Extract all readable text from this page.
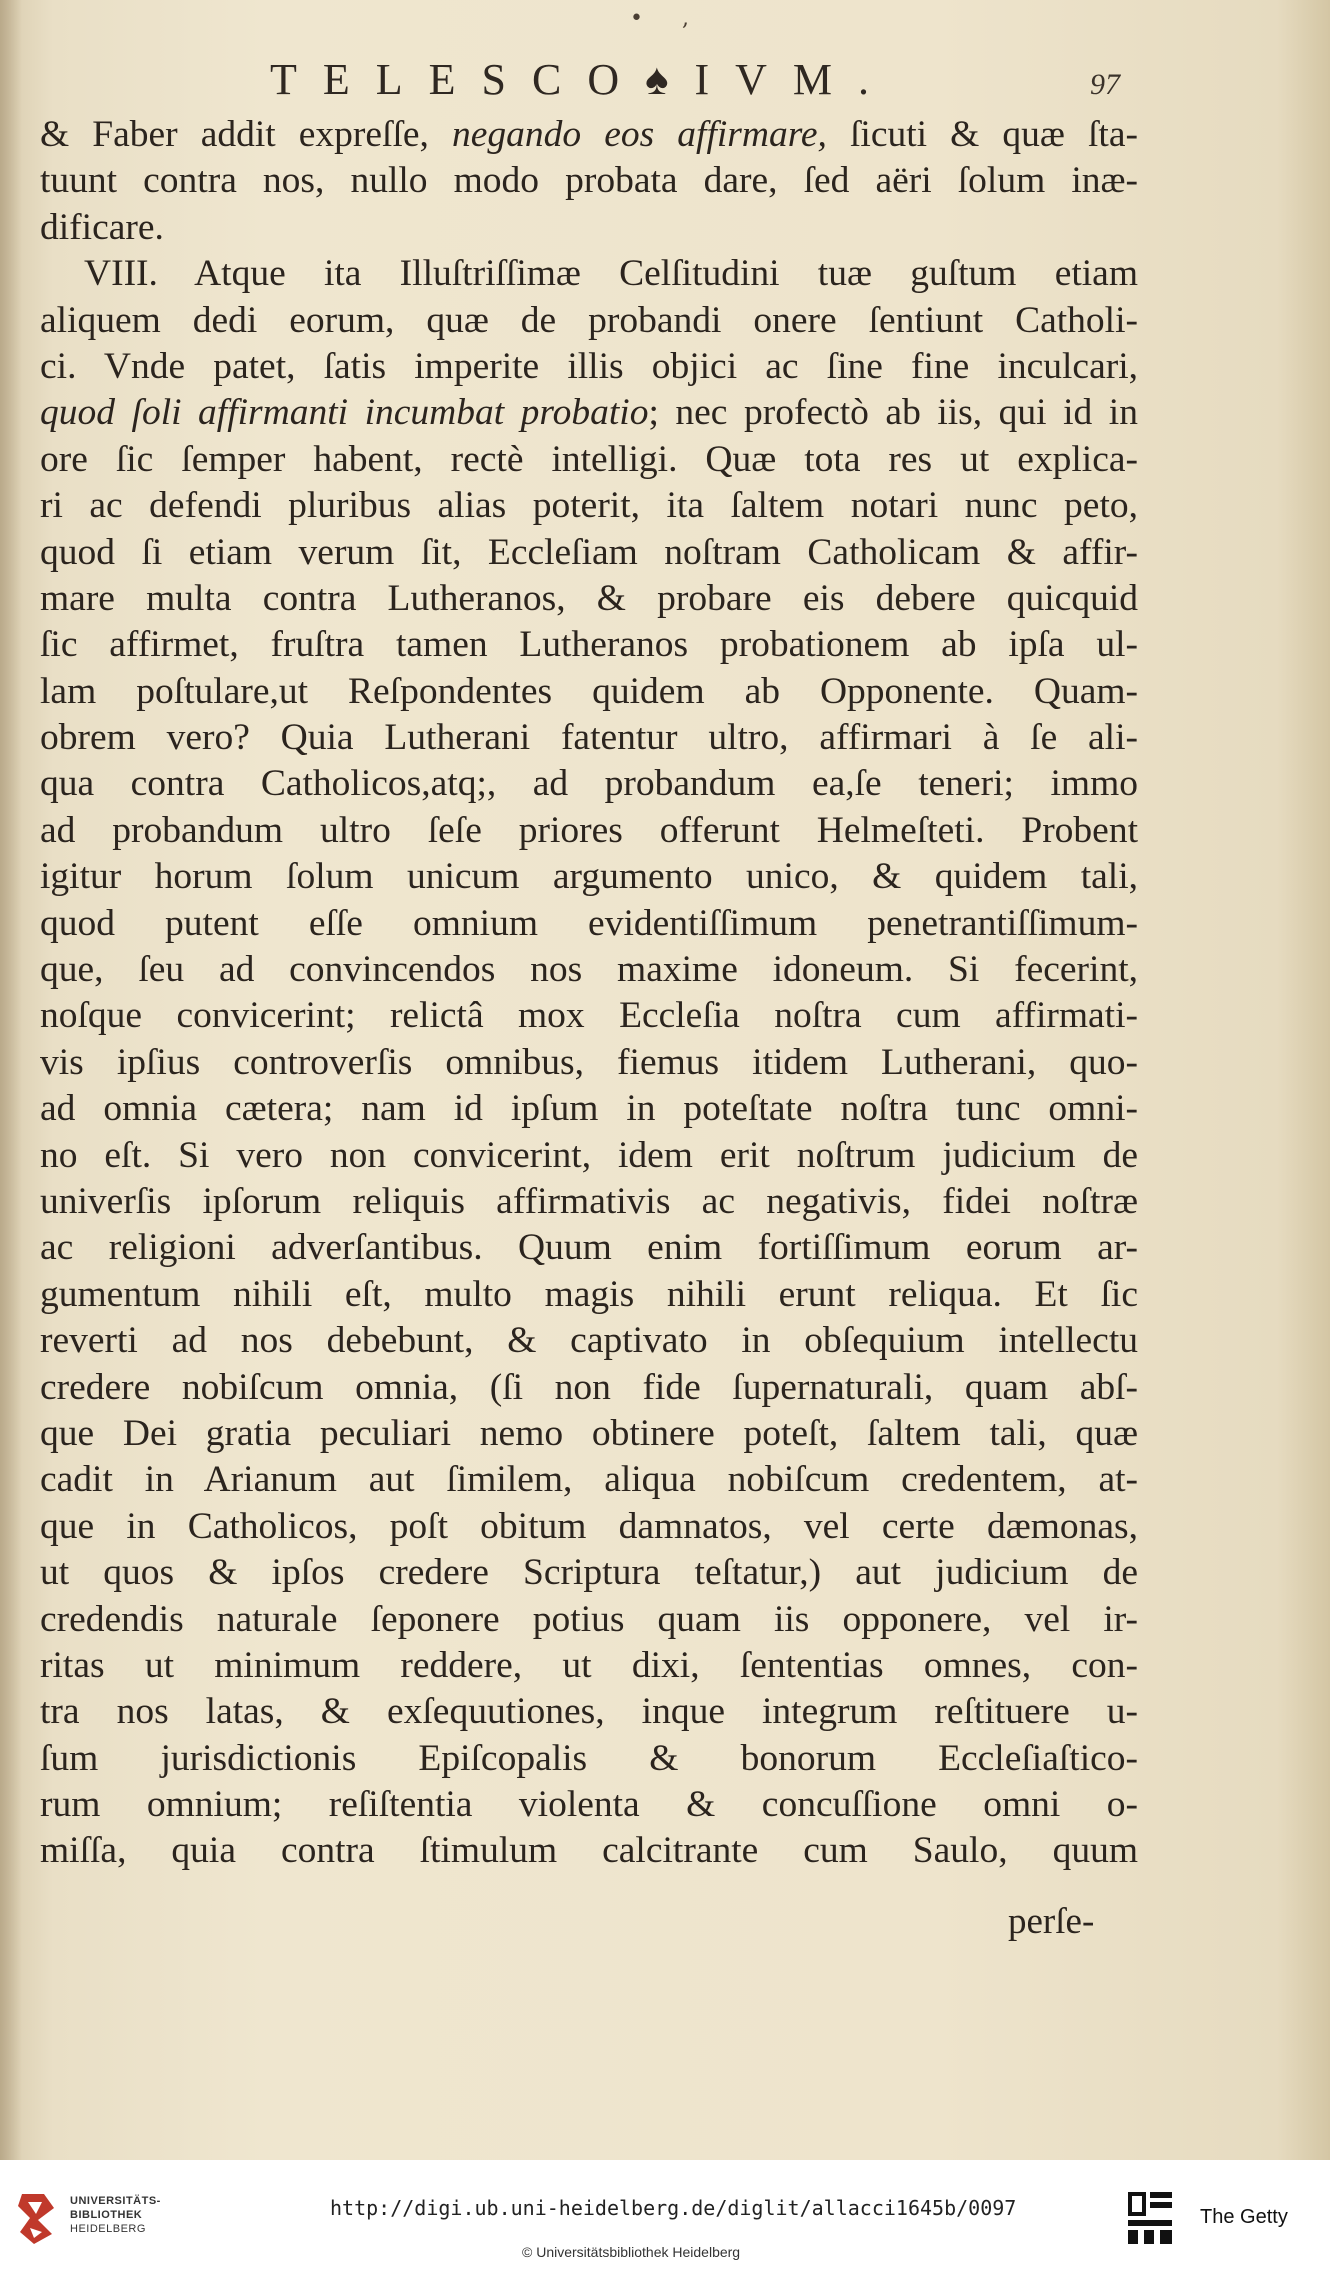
• ,
TELESCO♠IVM.	97
& Faber addit expreſſe, negando eos affirmare, ſicuti & quæ ſta-
tuunt contra nos, nullo modo probata dare, ſed aëri ſolum inæ-
dificare.
VIII. Atque ita Illuſtriſſimæ Celſitudini tuæ guſtum etiam
aliquem dedi eorum, quæ de probandi onere ſentiunt Catholi-
ci. Vnde patet, ſatis imperite illis objici ac ſine fine inculcari,
quod ſoli affirmanti incumbat probatio; nec profectò ab iis, qui id in
ore ſic ſemper habent, rectè intelligi. Quæ tota res ut explica-
ri ac defendi pluribus alias poterit, ita ſaltem notari nunc peto,
quod ſi etiam verum ſit, Eccleſiam noſtram Catholicam & affir-
mare multa contra Lutheranos, & probare eis debere quicquid
ſic affirmet, fruſtra tamen Lutheranos probationem ab ipſa ul-
lam poſtulare,ut Reſpondentes quidem ab Opponente. Quam-
obrem vero? Quia Lutherani fatentur ultro, affirmari à ſe ali-
qua contra Catholicos,atq;, ad probandum ea,ſe teneri; immo
ad probandum ultro ſeſe priores offerunt Helmeſteti. Probent
igitur horum ſolum unicum argumento unico, & quidem tali,
quod putent eſſe omnium evidentiſſimum penetrantiſſimum-
que, ſeu ad convincendos nos maxime idoneum. Si fecerint,
noſque convicerint; relictâ mox Eccleſia noſtra cum affirmati-
vis ipſius controverſis omnibus, fiemus itidem Lutherani, quo-
ad omnia cætera; nam id ipſum in poteſtate noſtra tunc omni-
no eſt. Si vero non convicerint, idem erit noſtrum judicium de
univerſis ipſorum reliquis affirmativis ac negativis, fidei noſtræ
ac religioni adverſantibus. Quum enim fortiſſimum eorum ar-
gumentum nihili eſt, multo magis nihili erunt reliqua. Et ſic
reverti ad nos debebunt, & captivato in obſequium intellectu
credere nobiſcum omnia, (ſi non fide ſupernaturali, quam abſ-
que Dei gratia peculiari nemo obtinere poteſt, ſaltem tali, quæ
cadit in Arianum aut ſimilem, aliqua nobiſcum credentem, at-
que in Catholicos, poſt obitum damnatos, vel certe dæmonas,
ut quos & ipſos credere Scriptura teſtatur,) aut judicium de
credendis naturale ſeponere potius quam iis opponere, vel ir-
ritas ut minimum reddere, ut dixi, ſententias omnes, con-
tra nos latas, & exſequutiones, inque integrum reſtituere u-
ſum jurisdictionis Epiſcopalis & bonorum Eccleſiaſtico-
rum omnium; reſiſtentia violenta & concuſſione omni o-
miſſa, quia contra ſtimulum calcitrante cum Saulo, quum
perſe-
UNIVERSITÄTS-
BIBLIOTHEK
HEIDELBERG
http://digi.ub.uni-heidelberg.de/diglit/allacci1645b/0097
© Universitätsbibliothek Heidelberg
The Getty
